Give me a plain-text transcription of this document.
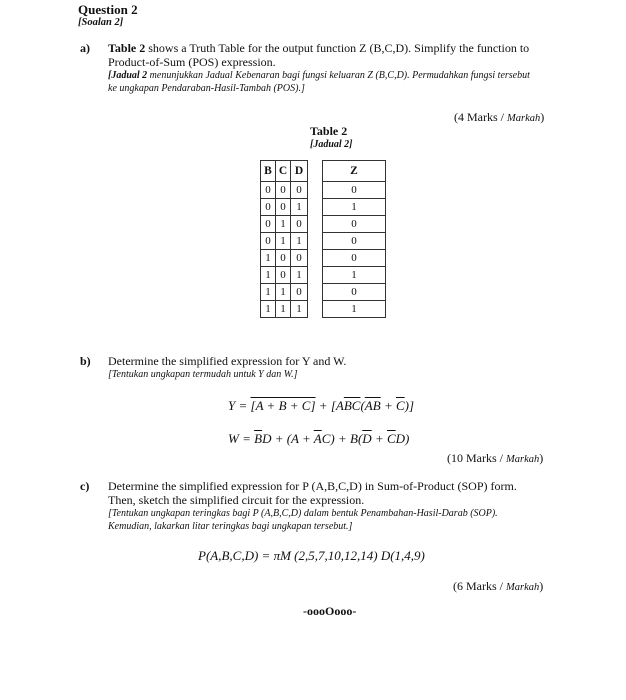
Question 2
[Soalan 2]
a) Table 2 shows a Truth Table for the output function Z (B,C,D). Simplify the function to
Product-of-Sum (POS) expression.
[Jadual 2 menunjukkan Jadual Kebenaran bagi fungsi keluaran Z (B,C,D). Permudahkan fungsi tersebut
ke ungkapan Pendaraban-Hasil-Tambah (POS).]
(4 Marks / Markah)
Table 2
[Jadual 2]
B	C	D		Z
0	0	0		0
0	0	1		1
0	1	0		0
0	1	1		0
1	0	0		0
1	0	1		1
1	1	0		0
1	1	1		1
b) Determine the simplified expression for Y and W.
[Tentukan ungkapan termudah untuk Y dan W.]
$Y = [A + B + C] + [A\overline{BC}(\overline{AB} + \overline{C})]$
$W = \overline{B}D + (A + \overline{A}C) + B(\overline{D} + \overline{C}D)$
(10 Marks / Markah)
c) Determine the simplified expression for P (A,B,C,D) in Sum-of-Product (SOP) form.
Then, sketch the simplified circuit for the expression.
[Tentukan ungkapan teringkas bagi P (A,B,C,D) dalam bentuk Penambahan-Hasil-Darab (SOP).
Kemudian, lakarkan litar teringkas bagi ungkapan tersebut.]
P(A,B,C,D) = πM (2,5,7,10,12,14) D(1,4,9)
(6 Marks / Markah)
-oooOooo-
